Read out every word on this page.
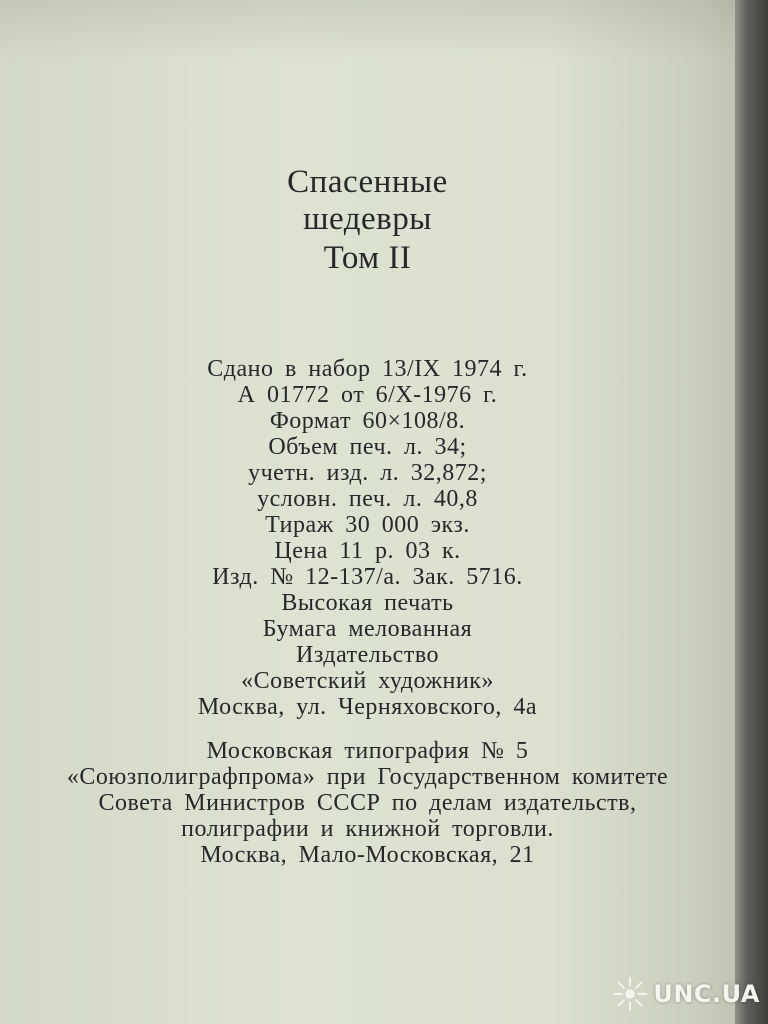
Спасенные
шедевры
Том II
Сдано в набор 13/IX 1974 г.
А 01772 от 6/X-1976 г.
Формат 60×108/8.
Объем печ. л. 34;
учетн. изд. л. 32,872;
условн. печ. л. 40,8
Тираж 30 000 экз.
Цена 11 р. 03 к.
Изд. № 12-137/а. Зак. 5716.
Высокая печать
Бумага мелованная
Издательство
«Советский художник»
Москва, ул. Черняховского, 4а
Московская типография № 5
«Союзполиграфпрома» при Государственном комитете
Совета Министров СССР по делам издательств,
полиграфии и книжной торговли.
Москва, Мало-Московская, 21
UNC.UA
